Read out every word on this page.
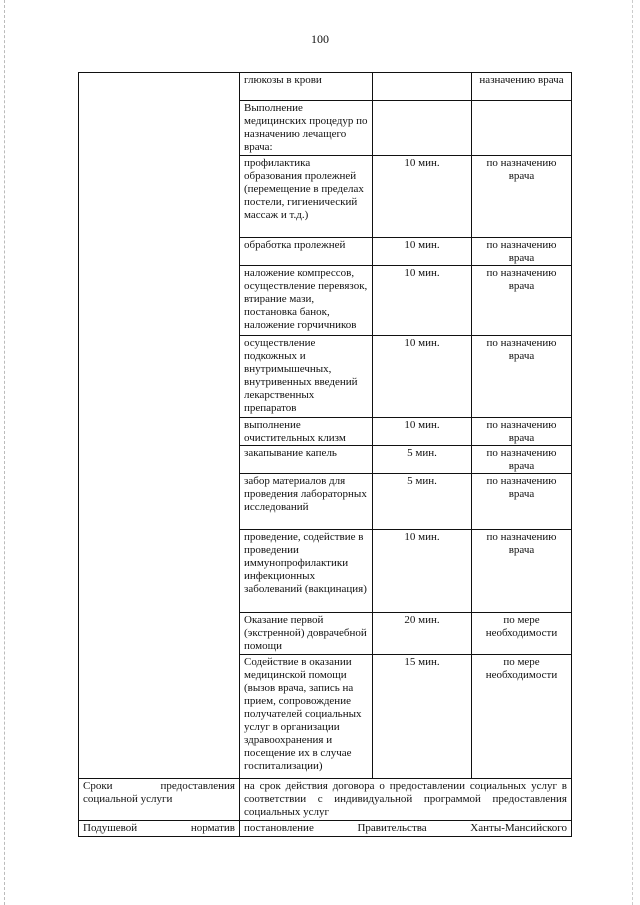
100
	глюкозы в крови		назначению врача
	Выполнение медицинских процедур по назначению лечащего врача:		
	профилактика образования пролежней (перемещение в пределах постели, гигиенический массаж и т.д.)	10 мин.	по назначению врача
	обработка пролежней	10 мин.	по назначению врача
	наложение компрессов, осуществление перевязок, втирание мази, постановка банок, наложение горчичников	10 мин.	по назначению врача
	осуществление подкожных и внутримышечных, внутривенных введений лекарственных препаратов	10 мин.	по назначению врача
	выполнение очистительных клизм	10 мин.	по назначению врача
	закапывание капель	5 мин.	по назначению врача
	забор материалов для проведения лабораторных исследований	5 мин.	по назначению врача
	проведение, содействие в проведении иммунопрофилактики инфекционных заболеваний (вакцинация)	10 мин.	по назначению врача
	Оказание первой (экстренной) доврачебной помощи	20 мин.	по мере необходимости
	Содействие в оказании медицинской помощи (вызов врача, запись на прием, сопровождение получателей социальных услуг в организации здравоохранения и посещение их в случае госпитализации)	15 мин.	по мере необходимости
Сроки предоставления социальной услуги	на срок действия договора о предоставлении социальных услуг в соответствии с индивидуальной программой предоставления социальных услуг		

Подушевой норматив	постановление Правительства Ханты-Мансийского		
